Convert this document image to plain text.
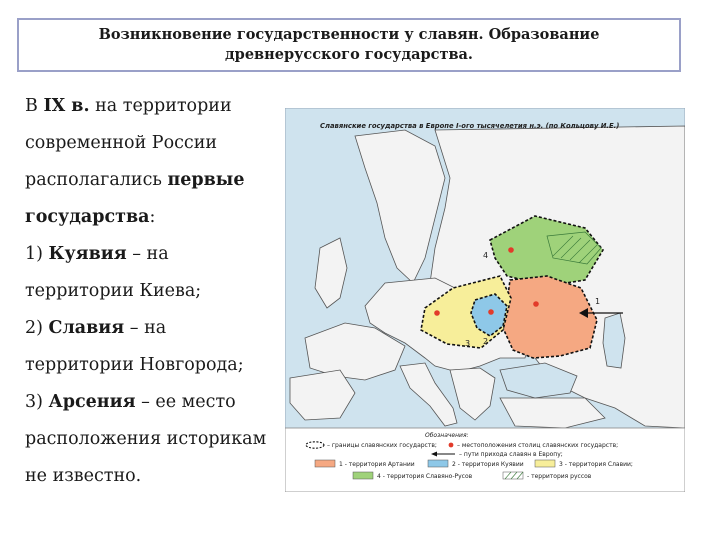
Возникновение государственности у славян. Образование
древнерусского государства.

В IX в. на территории

современной России

располагались первые

государства:

1) Куявия – на

территории Киева;

2) Славия – на

территории Новгорода;

3) Арсения – ее место

расположения историкам

не известно.

Славянские государства в Европе I-ого тысячелетия н.э. (по Кольцову И.Е.)
1
2
3
4
Обозначения:
– границы славянских государств;	– местоположения столиц славянских государств;
– пути прихода славян в Европу;
1 - территория Артании	2 - территория Куявии	3 - территория Славии;
4 - территория Славяно-Русов	- территория руссов
